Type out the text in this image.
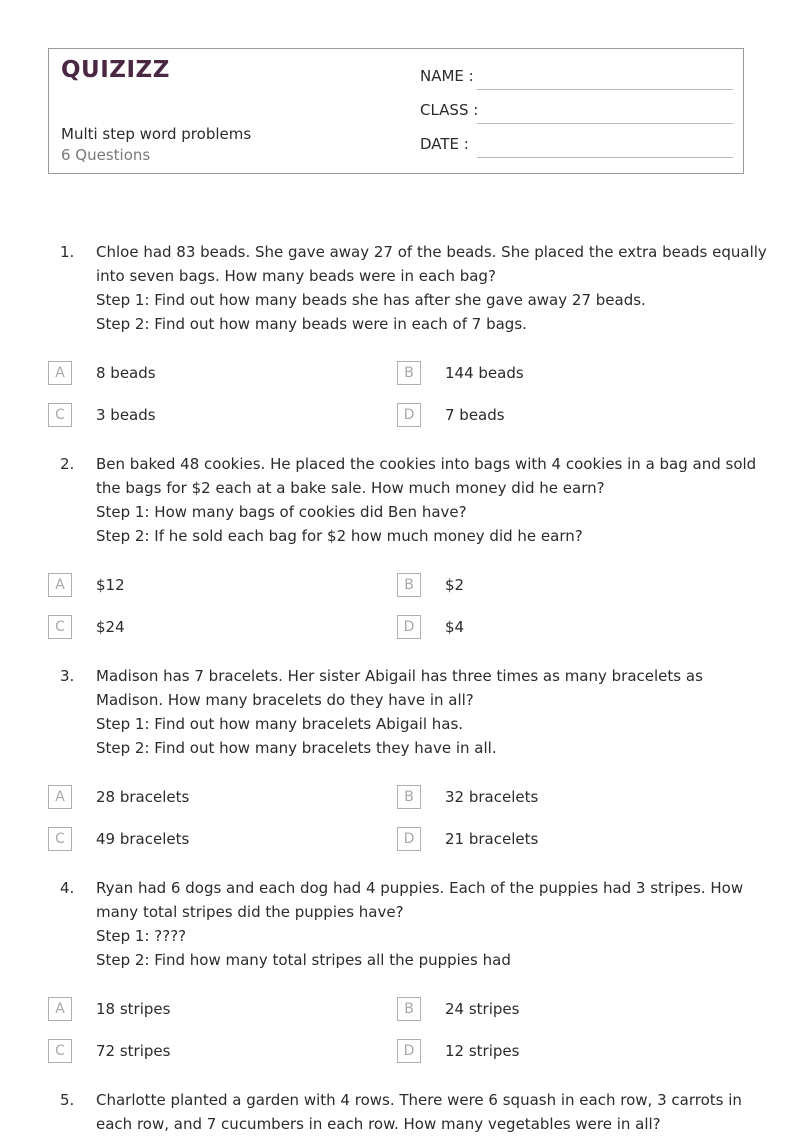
QUIZIZZ
Multi step word problems
6 Questions
NAME :
CLASS :
DATE :
1. Chloe had 83 beads. She gave away 27 of the beads. She placed the extra beads equally
into seven bags. How many beads were in each bag?
Step 1: Find out how many beads she has after she gave away 27 beads.
Step 2: Find out how many beads were in each of 7 bags.
A	8 beads	B	144 beads
C	3 beads	D	7 beads
2. Ben baked 48 cookies. He placed the cookies into bags with 4 cookies in a bag and sold
the bags for $2 each at a bake sale. How much money did he earn?
Step 1: How many bags of cookies did Ben have?
Step 2: If he sold each bag for $2 how much money did he earn?
A	$12	B	$2
C	$24	D	$4
3. Madison has 7 bracelets. Her sister Abigail has three times as many bracelets as
Madison. How many bracelets do they have in all?
Step 1: Find out how many bracelets Abigail has.
Step 2: Find out how many bracelets they have in all.
A	28 bracelets	B	32 bracelets
C	49 bracelets	D	21 bracelets
4. Ryan had 6 dogs and each dog had 4 puppies. Each of the puppies had 3 stripes. How
many total stripes did the puppies have?
Step 1: ????
Step 2: Find how many total stripes all the puppies had
A	18 stripes	B	24 stripes
C	72 stripes	D	12 stripes
5. Charlotte planted a garden with 4 rows. There were 6 squash in each row, 3 carrots in
each row, and 7 cucumbers in each row. How many vegetables were in all?
